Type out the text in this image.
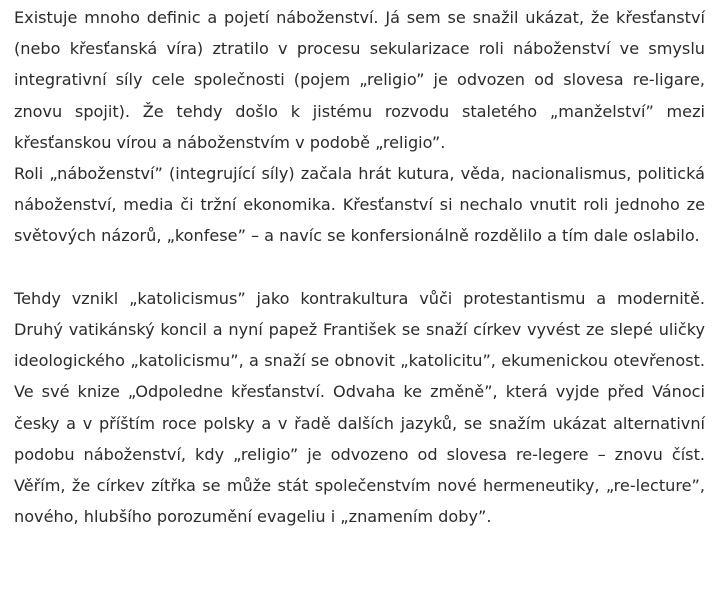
Existuje mnoho definic a pojetí náboženství. Já sem se snažil ukázat, že křesťanství (nebo křesťanská víra) ztratilo v procesu sekularizace roli náboženství ve smyslu integrativní síly cele společnosti (pojem „religio” je odvozen od slovesa re-ligare, znovu spojit). Že tehdy došlo k jistému rozvodu staletého „manželství” mezi křesťanskou vírou a náboženstvím v podobě „religio”.

Roli „náboženství” (integrující síly) začala hrát kutura, věda, nacionalismus, politická náboženství, media či tržní ekonomika. Křesťanství si nechalo vnutit roli jednoho ze světových názorů, „konfese” – a navíc se konfersionálně rozdělilo a tím dale oslabilo.

Tehdy vznikl „katolicismus” jako kontrakultura vůči protestantismu a modernitě. Druhý vatikánský koncil a nyní papež František se snaží církev vyvést ze slepé uličky ideologického „katolicismu”, a snaží se obnovit „katolicitu”, ekumenickou otevřenost. Ve své knize „Odpoledne křesťanství. Odvaha ke změně”, která vyjde před Vánoci česky a v příštím roce polsky a v řadě dalších jazyků, se snažím ukázat alternativní podobu náboženství, kdy „religio” je odvozeno od slovesa re-legere – znovu číst. Věřím, že církev zítřka se může stát společenstvím nové hermeneutiky, „re-lecture”, nového, hlubšího porozumění evageliu i „znamením doby”.
